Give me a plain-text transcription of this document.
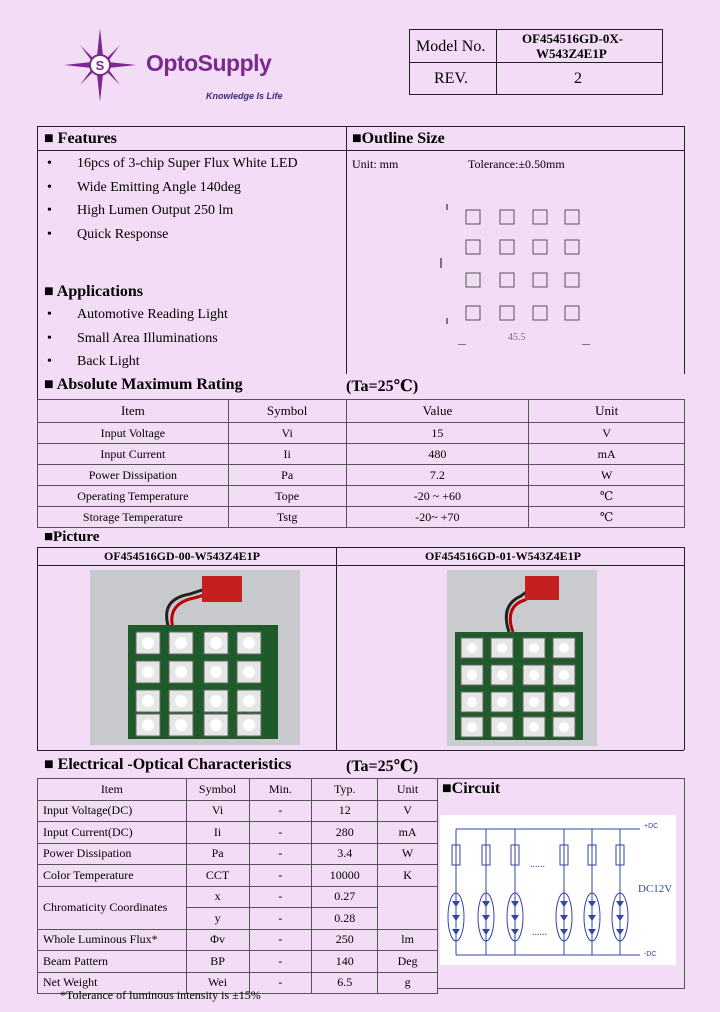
S OptoSupply
Knowledge Is Life
Model No.	OF454516GD-0X-
W543Z4E1P
REV.	2
■ Features
•	16pcs of 3-chip Super Flux White LED
•	Wide Emitting Angle 140deg
•	High Lumen Output 250 lm
•	Quick Response
■ Applications
•	Automotive Reading Light
•	Small Area Illuminations
•	Back Light
■Outline Size
Unit: mm	Tolerance:±0.50mm
45.5
■ Absolute Maximum Rating	(Ta=25℃)
Item	Symbol	Value	Unit
Input Voltage	Vi	15	V
Input Current	Ii	480	mA
Power Dissipation	Pa	7.2	W
Operating Temperature	Tope	-20 ~ +60	℃
Storage Temperature	Tstg	-20~ +70	℃
■Picture
OF454516GD-00-W543Z4E1P	OF454516GD-01-W543Z4E1P
■ Electrical -Optical Characteristics	(Ta=25℃)
Item	Symbol	Min.	Typ.	Unit
Input Voltage(DC)	Vi	-	12	V
Input Current(DC)	Ii	-	280	mA
Power Dissipation	Pa	-	3.4	W
Color Temperature	CCT	-	10000	K
Chromaticity Coordinates	x	-	0.27	
	y	-	0.28	
Whole Luminous Flux*	Φv	-	250	lm
Beam Pattern	BP	-	140	Deg
Net Weight	Wei	-	6.5	g
*Tolerance of luminous intensity is ±15%
■Circuit
+DC
-DC
DC12V
......
......
